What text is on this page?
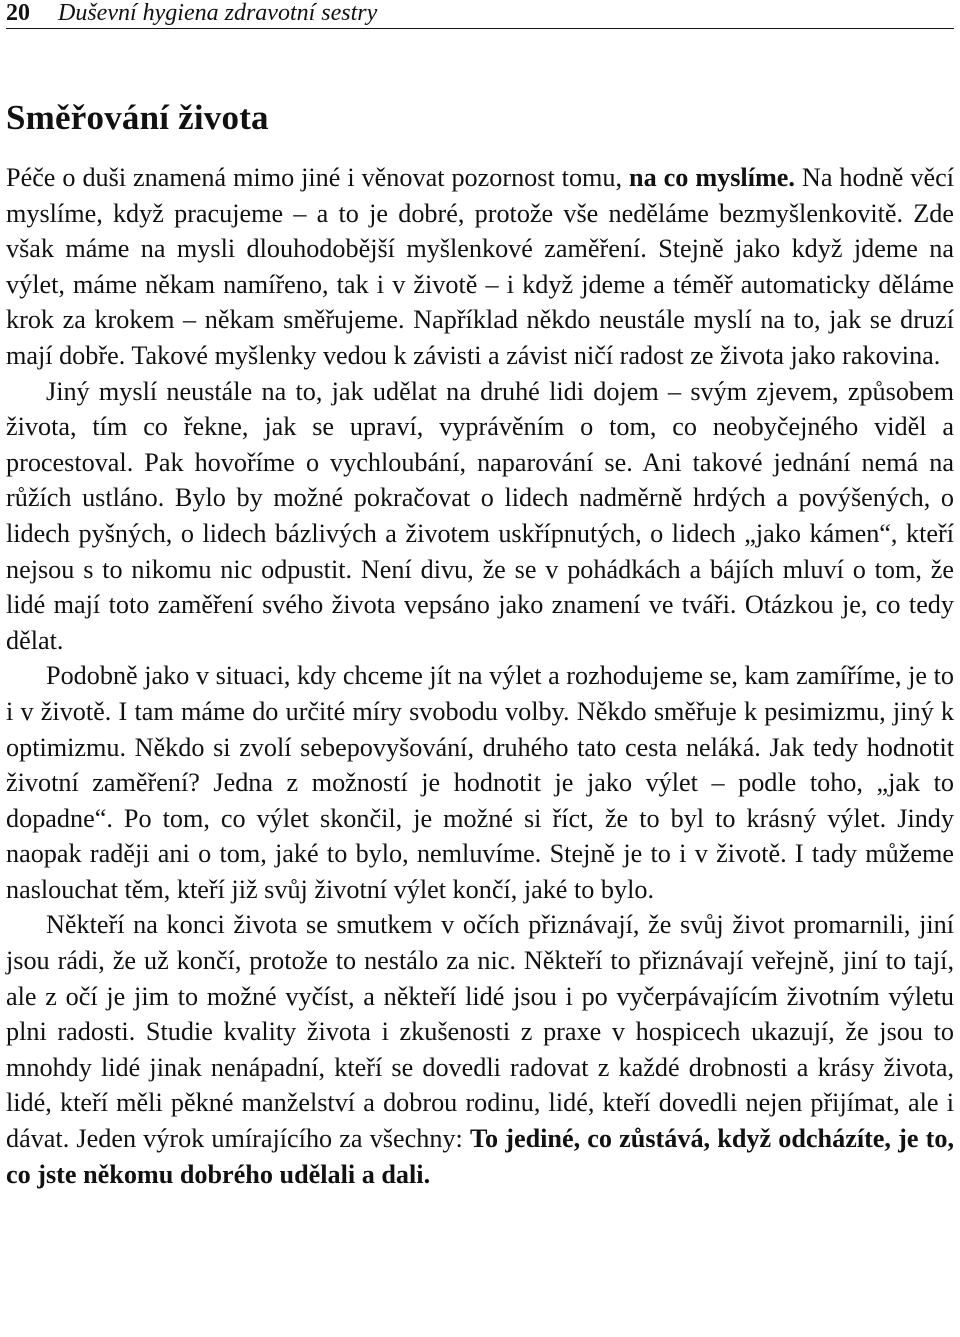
20 Duševní hygiena zdravotní sestry
Směřování života

Péče o duši znamená mimo jiné i věnovat pozornost tomu, na co myslíme. Na hodně věcí myslíme, když pracujeme – a to je dobré, protože vše neděláme bezmyšlenkovitě. Zde však máme na mysli dlouhodobější myšlenkové zaměření. Stejně jako když jdeme na výlet, máme někam namířeno, tak i v životě – i když jdeme a téměř automaticky děláme krok za krokem – někam směřujeme. Například někdo neustále myslí na to, jak se druzí mají dobře. Takové myšlenky vedou k závisti a závist ničí radost ze života jako rakovina.

Jiný myslí neustále na to, jak udělat na druhé lidi dojem – svým zjevem, způsobem života, tím co řekne, jak se upraví, vyprávěním o tom, co neobyčejného viděl a procestoval. Pak hovoříme o vychloubání, naparování se. Ani takové jednání nemá na růžích ustláno. Bylo by možné pokračovat o lidech nadměrně hrdých a povýšených, o lidech pyšných, o lidech bázlivých a životem uskřípnutých, o lidech „jako kámen“, kteří nejsou s to nikomu nic odpustit. Není divu, že se v pohádkách a bájích mluví o tom, že lidé mají toto zaměření svého života vepsáno jako znamení ve tváři. Otázkou je, co tedy dělat.

Podobně jako v situaci, kdy chceme jít na výlet a rozhodujeme se, kam zamíříme, je to i v životě. I tam máme do určité míry svobodu volby. Někdo směřuje k pesimizmu, jiný k optimizmu. Někdo si zvolí sebepovyšování, druhého tato cesta neláká. Jak tedy hodnotit životní zaměření? Jedna z možností je hodnotit je jako výlet – podle toho, „jak to dopadne“. Po tom, co výlet skončil, je možné si říct, že to byl to krásný výlet. Jindy naopak raději ani o tom, jaké to bylo, nemluvíme. Stejně je to i v životě. I tady můžeme naslouchat těm, kteří již svůj životní výlet končí, jaké to bylo.

Někteří na konci života se smutkem v očích přiznávají, že svůj život promarnili, jiní jsou rádi, že už končí, protože to nestálo za nic. Někteří to přiznávají veřejně, jiní to tají, ale z očí je jim to možné vyčíst, a někteří lidé jsou i po vyčerpávajícím životním výletu plni radosti. Studie kvality života i zkušenosti z praxe v hospicech ukazují, že jsou to mnohdy lidé jinak nenápadní, kteří se dovedli radovat z každé drobnosti a krásy života, lidé, kteří měli pěkné manželství a dobrou rodinu, lidé, kteří dovedli nejen přijímat, ale i dávat. Jeden výrok umírajícího za všechny: To jediné, co zůstává, když odcházíte, je to, co jste někomu dobrého udělali a dali.
